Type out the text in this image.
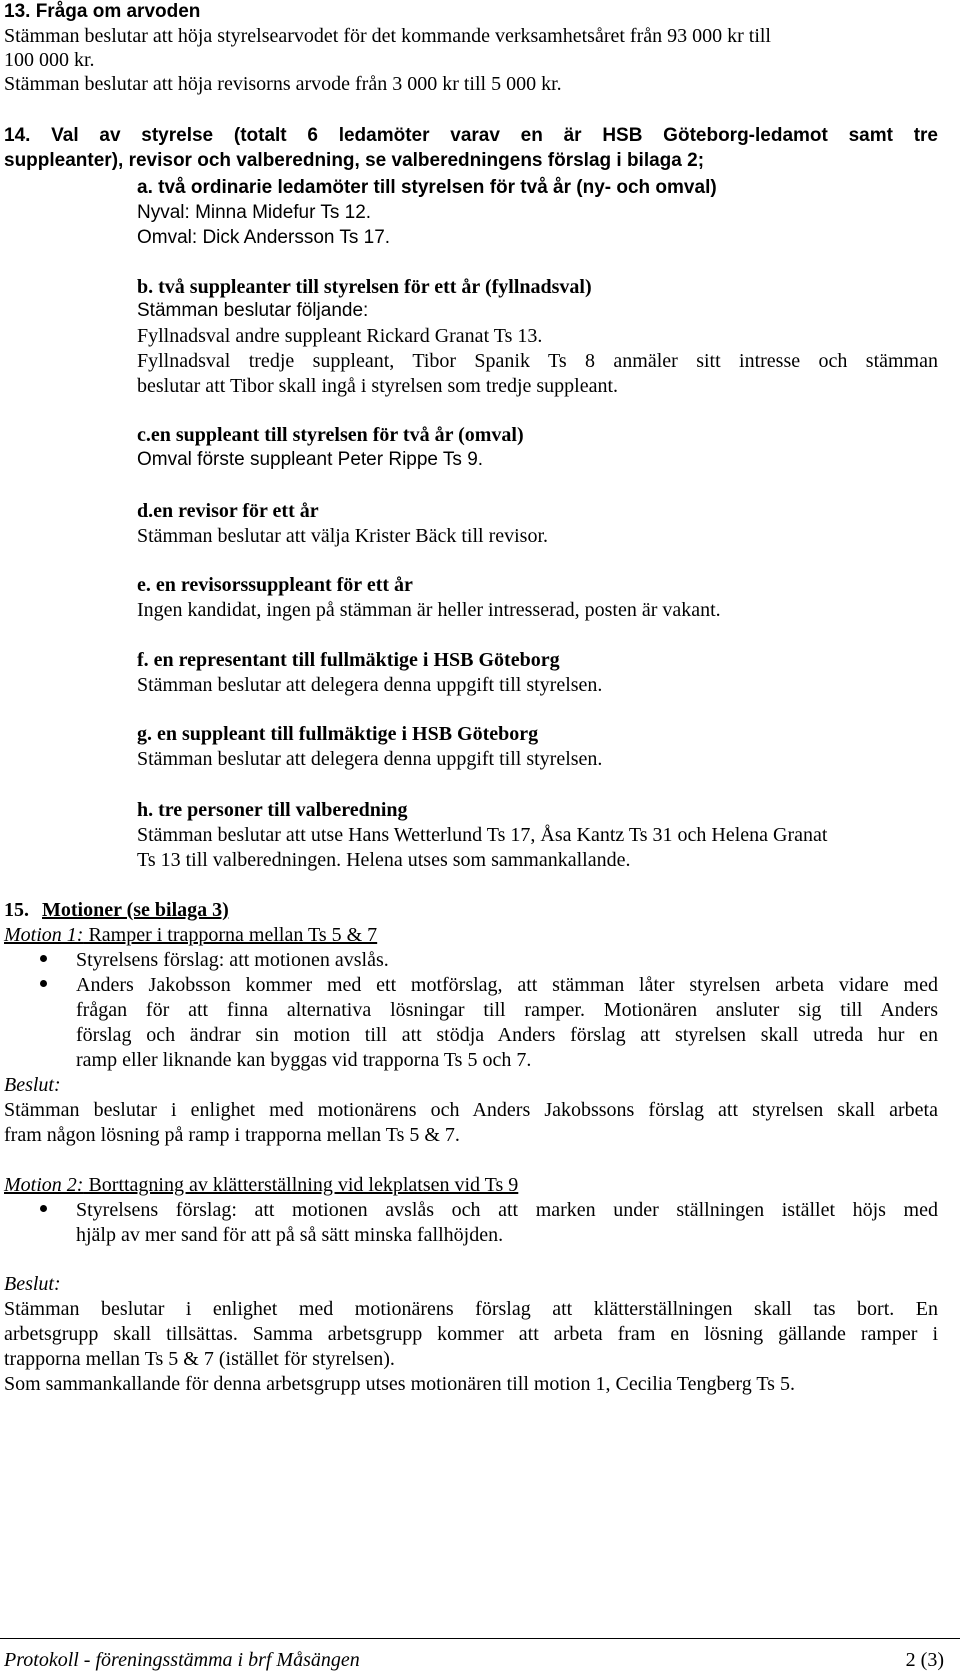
13. Fråga om arvoden
Stämman beslutar att höja styrelsearvodet för det kommande verksamhetsåret från 93 000 kr till
100 000 kr.
Stämman beslutar att höja revisorns arvode från 3 000 kr till 5 000 kr.
14. Val av styrelse (totalt 6 ledamöter varav en är HSB Göteborg-ledamot samt tre
suppleanter), revisor och valberedning, se valberedningens förslag i bilaga 2;
a. två ordinarie ledamöter till styrelsen för två år (ny- och omval)
Nyval: Minna Midefur Ts 12.
Omval: Dick Andersson Ts 17.
b. två suppleanter till styrelsen för ett år (fyllnadsval)
Stämman beslutar följande:
Fyllnadsval andre suppleant Rickard Granat Ts 13.
Fyllnadsval tredje suppleant, Tibor Spanik Ts 8 anmäler sitt intresse och stämman
beslutar att Tibor skall ingå i styrelsen som tredje suppleant.
c.en suppleant till styrelsen för två år (omval)
Omval förste suppleant Peter Rippe Ts 9.
d.en revisor för ett år
Stämman beslutar att välja Krister Bäck till revisor.
e. en revisorssuppleant för ett år
Ingen kandidat, ingen på stämman är heller intresserad, posten är vakant.
f. en representant till fullmäktige i HSB Göteborg
Stämman beslutar att delegera denna uppgift till styrelsen.
g. en suppleant till fullmäktige i HSB Göteborg
Stämman beslutar att delegera denna uppgift till styrelsen.
h. tre personer till valberedning
Stämman beslutar att utse Hans Wetterlund Ts 17, Åsa Kantz Ts 31 och Helena Granat
Ts 13 till valberedningen. Helena utses som sammankallande.
15. Motioner (se bilaga 3)
Motion 1: Ramper i trapporna mellan Ts 5 & 7
Styrelsens förslag: att motionen avslås.
Anders Jakobsson kommer med ett motförslag, att stämman låter styrelsen arbeta vidare med
frågan för att finna alternativa lösningar till ramper. Motionären ansluter sig till Anders
förslag och ändrar sin motion till att stödja Anders förslag att styrelsen skall utreda hur en
ramp eller liknande kan byggas vid trapporna Ts 5 och 7.
Beslut:
Stämman beslutar i enlighet med motionärens och Anders Jakobssons förslag att styrelsen skall arbeta
fram någon lösning på ramp i trapporna mellan Ts 5 & 7.
Motion 2: Borttagning av klätterställning vid lekplatsen vid Ts 9
Styrelsens förslag: att motionen avslås och att marken under ställningen istället höjs med
hjälp av mer sand för att på så sätt minska fallhöjden.
Beslut:
Stämman beslutar i enlighet med motionärens förslag att klätterställningen skall tas bort. En
arbetsgrupp skall tillsättas. Samma arbetsgrupp kommer att arbeta fram en lösning gällande ramper i
trapporna mellan Ts 5 & 7 (istället för styrelsen).
Som sammankallande för denna arbetsgrupp utses motionären till motion 1, Cecilia Tengberg Ts 5.
Protokoll - föreningsstämma i brf Måsängen	2 (3)
